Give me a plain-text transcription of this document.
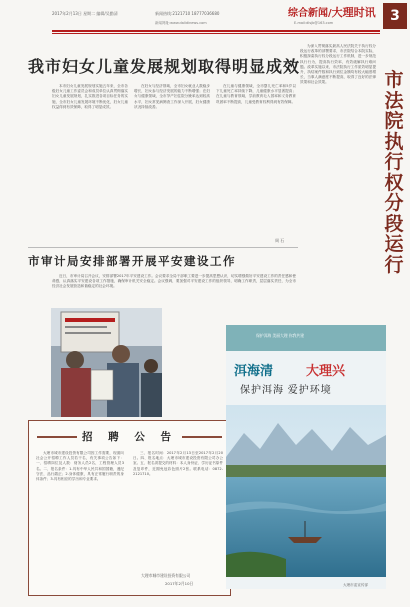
2017年2月13日 星期二 编辑/吴勤清	新闻热线:2121710 18777036680
新闻网址:www.dalidinews.com	E-mail:dlsjb@163.com
综合新闻/大理时讯	3
我市妇女儿童发展规划取得明显成效

本市妇女儿童发展规划实施五年来，全市各级妇女儿童工作委员会和成员单位认真贯彻落实妇女儿童发展规划，扎实推进各项目标任务的实施，全市妇女儿童发展环境不断优化，妇女儿童权益得到有效保障，取得了明显成效。

在妇女与经济领域，全市妇女就业人数稳步增长，妇女参与经济发展的能力不断增强；在妇女与健康领域，全市孕产妇住院分娩率达到较高水平，妇女常见病筛查工作深入开展，妇女健康状况持续改善。

在儿童与健康领域，全市婴儿死亡率和5岁以下儿童死亡率持续下降，儿童健康水平显著提高；在儿童与教育领域，学前教育毛入园率和义务教育巩固率不断提高，儿童受教育权利得到有效保障。

周 石
市法院执行权分段运行

为深入贯彻落实最高人民法院关于执行权分段运行改革的部署要求，市法院结合本院实际，积极探索执行权分段运行工作机制，进一步规范执行行为，提高执行效率，有效破解执行难问题。改革实施以来，市法院执行工作质效明显提升，执结案件数和执行到位金额均有较大幅度增长，当事人满意度不断提高，取得了良好的法律效果和社会效果。

市审计局安排部署开展平安建设工作

近日，市审计局召开会议，安排部署2017年平安建设工作。会议要求全局干部职工要进一步提高思想认识，切实增强做好平安建设工作的责任感和使命感，认真落实平安建设各项工作措施，确保审计机关安全稳定。会议强调，要加强对平安建设工作的组织领导，明确工作职责，层层落实责任，为全市经济社会发展营造和谐稳定的社会环境。

招 聘 公 告

大理市城市建设投资有限公司因工作需要，现面向社会公开招聘工作人员若干名，有关事项公告如下：一、招聘岗位及人数：财务人员2名，工程管理人员3名。二、报名条件：1.具有中华人民共和国国籍，遵纪守法，品行端正；2.身体健康，具有正常履行职责的身体条件；3.具有相应的学历和专业要求。

三、报名时间：2017年2月13日至2017年2月20日。四、报名地点：大理市城市建设投资有限公司办公室。五、报名须提交的材料：本人身份证、学历证书原件及复印件，近期免冠彩色照片2张。联系电话：0872-2121710。

大理市城市建设投资有限公司
2017年2月10日
保护洱海 美丽大理 你我共建
洱海清	大理兴
保护洱海 爱护环境
大理市委宣传部
